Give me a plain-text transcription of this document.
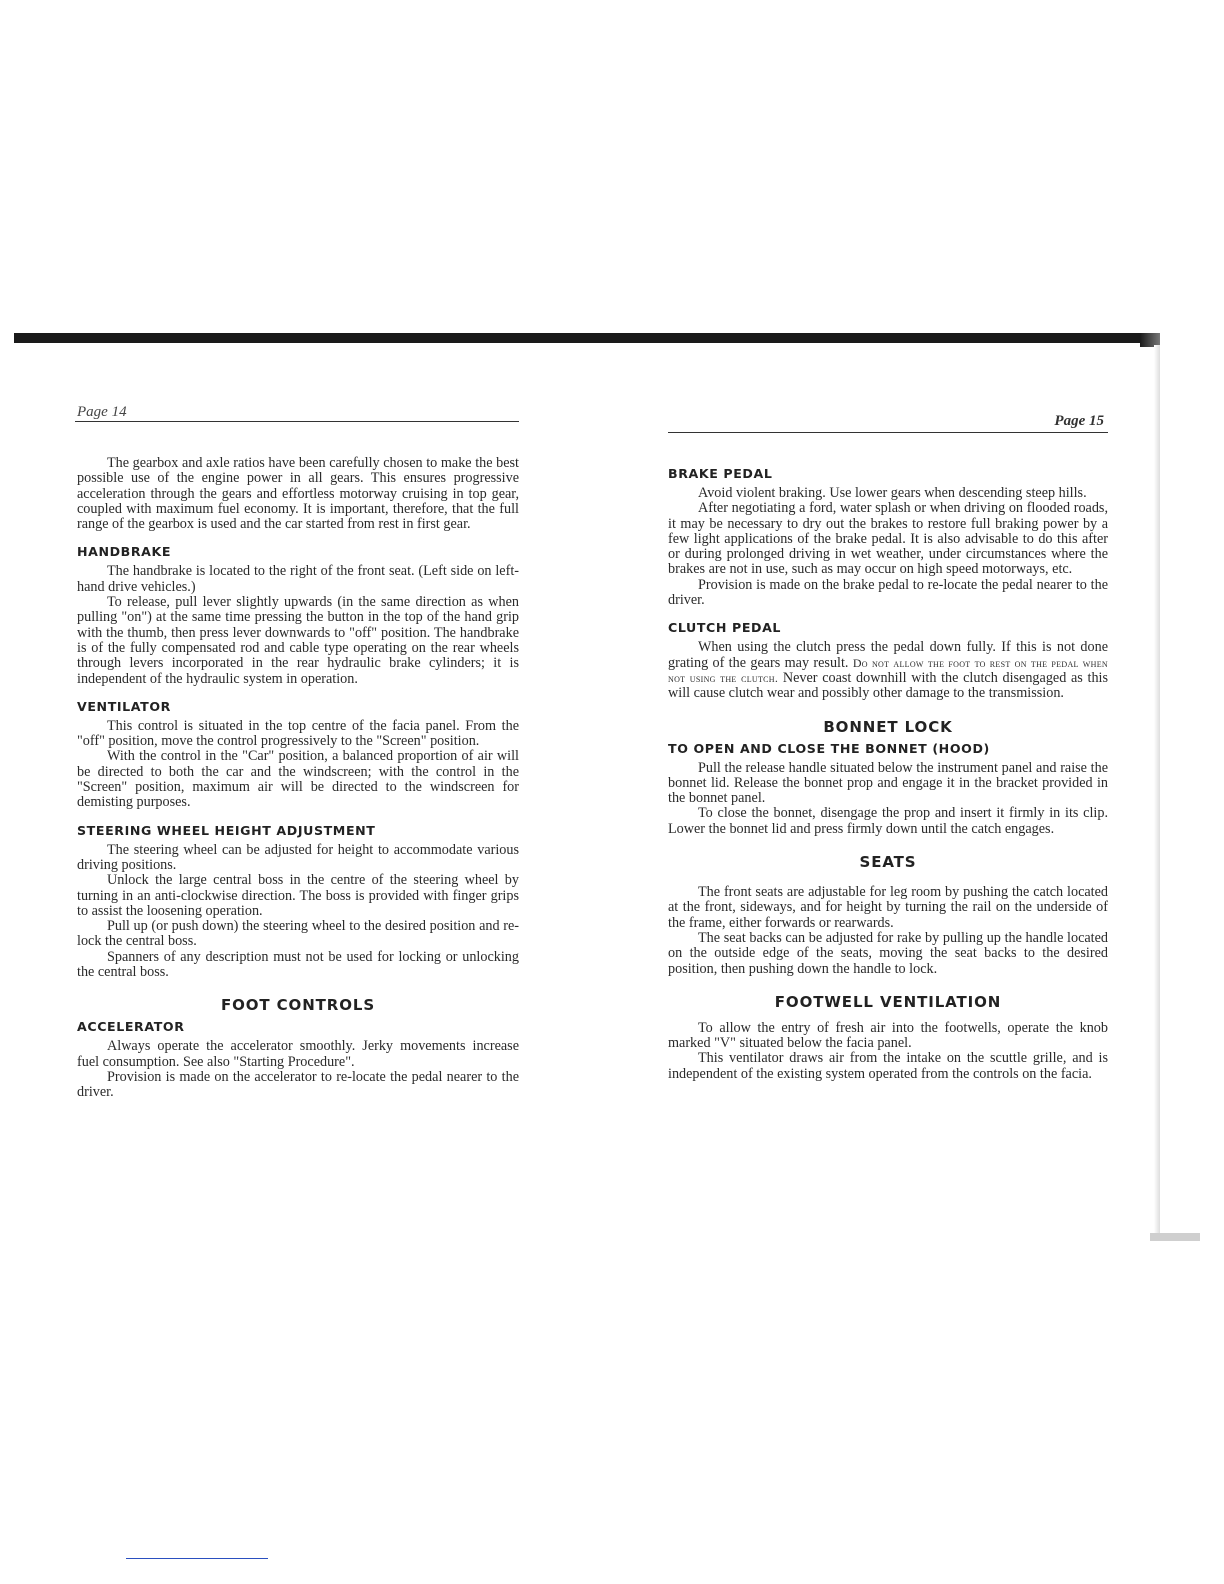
Page 14

The gearbox and axle ratios have been carefully chosen to make the best possible use of the engine power in all gears. This ensures progressive acceleration through the gears and effortless motorway cruising in top gear, coupled with maximum fuel economy. It is important, therefore, that the full range of the gearbox is used and the car started from rest in first gear.

HANDBRAKE

The handbrake is located to the right of the front seat. (Left side on left-hand drive vehicles.)

To release, pull lever slightly upwards (in the same direction as when pulling "on") at the same time pressing the button in the top of the hand grip with the thumb, then press lever downwards to "off" position. The handbrake is of the fully compensated rod and cable type operating on the rear wheels through levers incorporated in the rear hydraulic brake cylinders; it is independent of the hydraulic system in operation.

VENTILATOR

This control is situated in the top centre of the facia panel. From the "off" position, move the control progressively to the "Screen" position.

With the control in the "Car" position, a balanced proportion of air will be directed to both the car and the windscreen; with the control in the "Screen" position, maximum air will be directed to the windscreen for demisting purposes.

STEERING WHEEL HEIGHT ADJUSTMENT

The steering wheel can be adjusted for height to accommodate various driving positions.

Unlock the large central boss in the centre of the steering wheel by turning in an anti-clockwise direction. The boss is provided with finger grips to assist the loosening operation.

Pull up (or push down) the steering wheel to the desired position and re-lock the central boss.

Spanners of any description must not be used for locking or unlocking the central boss.

FOOT CONTROLS
ACCELERATOR

Always operate the accelerator smoothly. Jerky movements increase fuel consumption. See also "Starting Procedure".

Provision is made on the accelerator to re-locate the pedal nearer to the driver.

Page 15
BRAKE PEDAL

Avoid violent braking. Use lower gears when descending steep hills.

After negotiating a ford, water splash or when driving on flooded roads, it may be necessary to dry out the brakes to restore full braking power by a few light applications of the brake pedal. It is also advisable to do this after or during prolonged driving in wet weather, under circumstances where the brakes are not in use, such as may occur on high speed motorways, etc.

Provision is made on the brake pedal to re-locate the pedal nearer to the driver.

CLUTCH PEDAL

When using the clutch press the pedal down fully. If this is not done grating of the gears may result. Do not allow the foot to rest on the pedal when not using the clutch. Never coast downhill with the clutch disengaged as this will cause clutch wear and possibly other damage to the transmission.

BONNET LOCK
TO OPEN AND CLOSE THE BONNET (HOOD)

Pull the release handle situated below the instrument panel and raise the bonnet lid. Release the bonnet prop and engage it in the bracket provided in the bonnet panel.

To close the bonnet, disengage the prop and insert it firmly in its clip. Lower the bonnet lid and press firmly down until the catch engages.

SEATS

The front seats are adjustable for leg room by pushing the catch located at the front, sideways, and for height by turning the rail on the underside of the frame, either forwards or rearwards.

The seat backs can be adjusted for rake by pulling up the handle located on the outside edge of the seats, moving the seat backs to the desired position, then pushing down the handle to lock.

FOOTWELL VENTILATION

To allow the entry of fresh air into the footwells, operate the knob marked "V" situated below the facia panel.

This ventilator draws air from the intake on the scuttle grille, and is independent of the existing system operated from the controls on the facia.
